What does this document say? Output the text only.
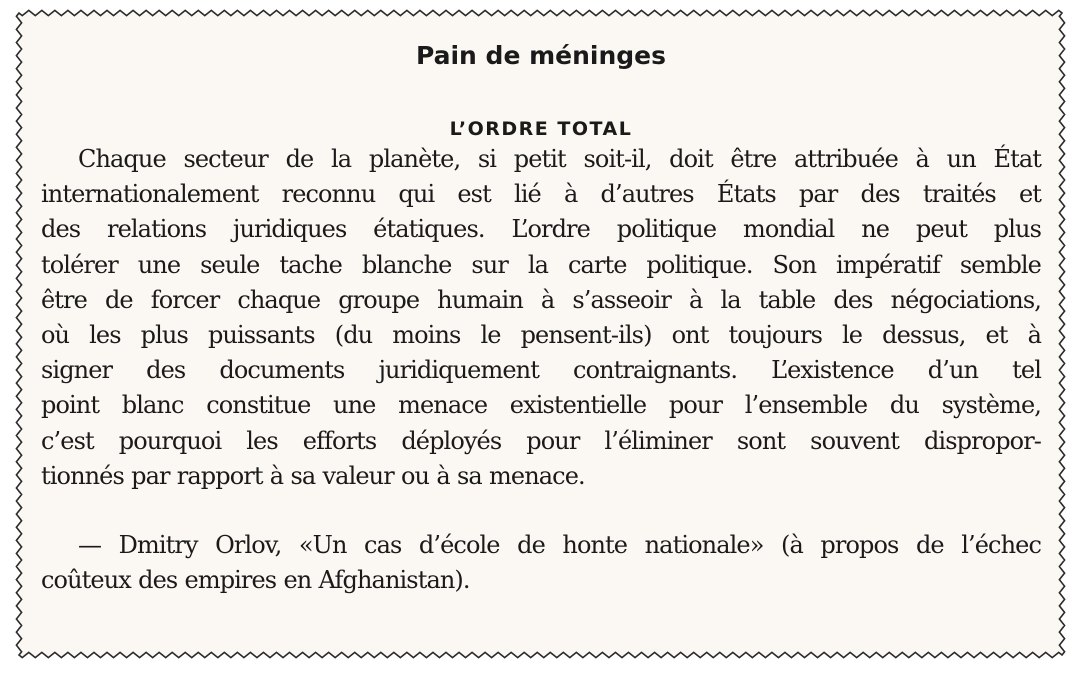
Pain de méninges
L’ORDRE TOTAL
Chaque secteur de la planète, si petit soit-il, doit être attribuée à un État
internationalement reconnu qui est lié à d’autres États par des traités et
des relations juridiques étatiques. L’ordre politique mondial ne peut plus
tolérer une seule tache blanche sur la carte politique. Son impératif semble
être de forcer chaque groupe humain à s’asseoir à la table des négociations,
où les plus puissants (du moins le pensent-ils) ont toujours le dessus, et à
signer des documents juridiquement contraignants. L’existence d’un tel
point blanc constitue une menace existentielle pour l’ensemble du système,
c’est pourquoi les efforts déployés pour l’éliminer sont souvent dispropor-
tionnés par rapport à sa valeur ou à sa menace.
— Dmitry Orlov, «Un cas d’école de honte nationale» (à propos de l’échec
coûteux des empires en Afghanistan).
